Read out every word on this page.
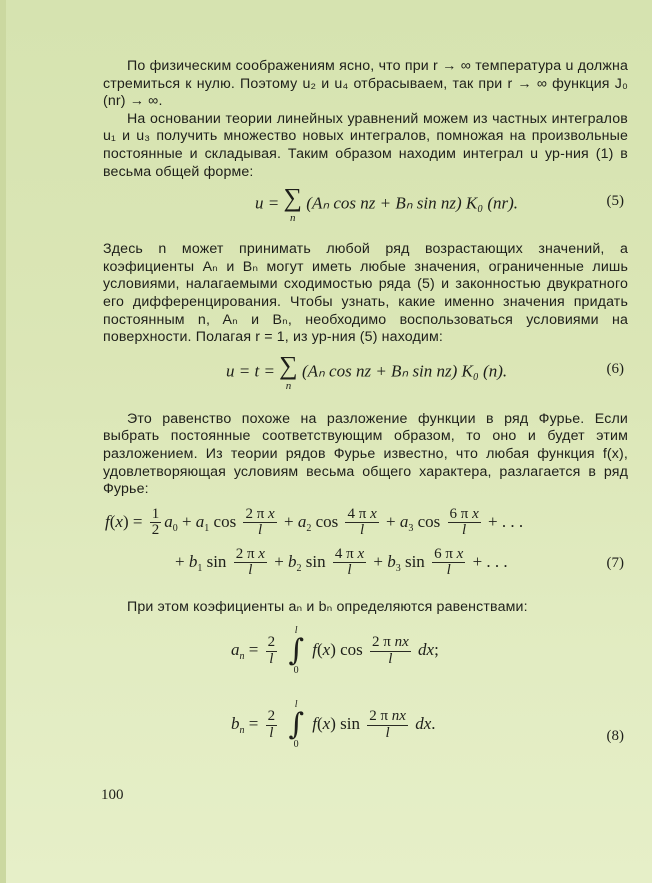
По физическим соображениям ясно, что при r → ∞ температура u должна стремиться к нулю. Поэтому u₂ и u₄ отбрасываем, так при r → ∞ функция J₀ (nr) → ∞.

На основании теории линейных уравнений можем из частных интегралов u₁ и u₃ получить множество новых интегралов, помножая на произвольные постоянные и складывая. Таким образом находим интеграл u ур-ния (1) в весьма общей форме:

u = ∑
n
(Aₙ cos nz + Bₙ sin nz) K₀ (nr).	(5)

Здесь n может принимать любой ряд возрастающих значений, а коэфициенты Aₙ и Bₙ могут иметь любые значения, ограниченные лишь условиями, налагаемыми сходимостью ряда (5) и законностью двукратного его дифференцирования. Чтобы узнать, какие именно значения придать постоянным n, Aₙ и Bₙ, необходимо воспользоваться условиями на поверхности. Полагая r = 1, из ур-ния (5) находим:

u = t = ∑
n
(Aₙ cos nz + Bₙ sin nz) K₀ (n).	(6)

Это равенство похоже на разложение функции в ряд Фурье. Если выбрать постоянные соответствующим образом, то оно и будет этим разложением. Из теории рядов Фурье известно, что любая функция f(x), удовлетворяющая условиям весьма общего характера, разлагается в ряд Фурье:

$f(x) = \frac{1}{2} a_0 + a_1$ $\cos \frac{\text{2 π x}}{l} + a_2$ $\cos \frac{\text{4 π x}}{l} + a_3$ $\cos \frac{\text{6 π x}}{l}$ + . . .
+ $b_1$ $\sin \frac{\text{2 π x}}{l} + b_2$ $\sin \frac{\text{4 π x}}{l} + b_3$ $\sin \frac{\text{6 π x}}{l}$ + . . .	(7)

При этом коэфициенты aₙ и bₙ определяются равенствами:

$a_n = \frac{2}{l}$

l
∫
0
f(x) $\cos \frac{\text{2 π nx}}{l}$ dx;
$b_n = \frac{2}{l}$

l
∫
0
f(x) $\sin \frac{\text{2 π nx}}{l}$ dx.
(8)
100
